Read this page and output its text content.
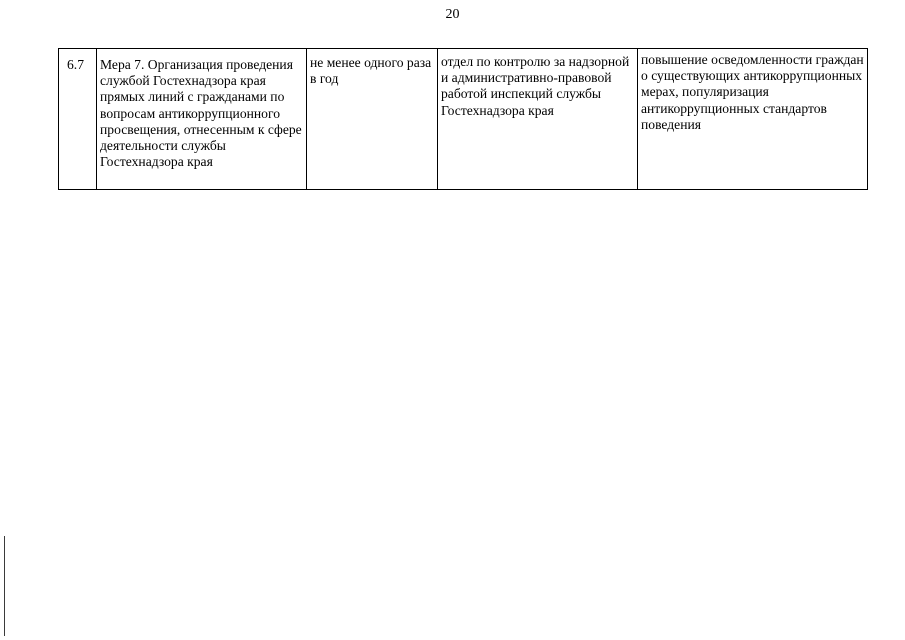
20
6.7	Мера 7. Организация проведения службой Гостехнадзора края прямых линий с гражданами по вопросам антикоррупционного просвещения, отнесенным к сфере деятельности службы Гостехнадзора края	не менее одного раза в год	отдел по контролю за надзорной и административно-правовой работой инспекций службы Гостехнадзора края	повышение осведомленности граждан о существующих антикоррупционных мерах, популяризация антикоррупционных стандартов поведения
